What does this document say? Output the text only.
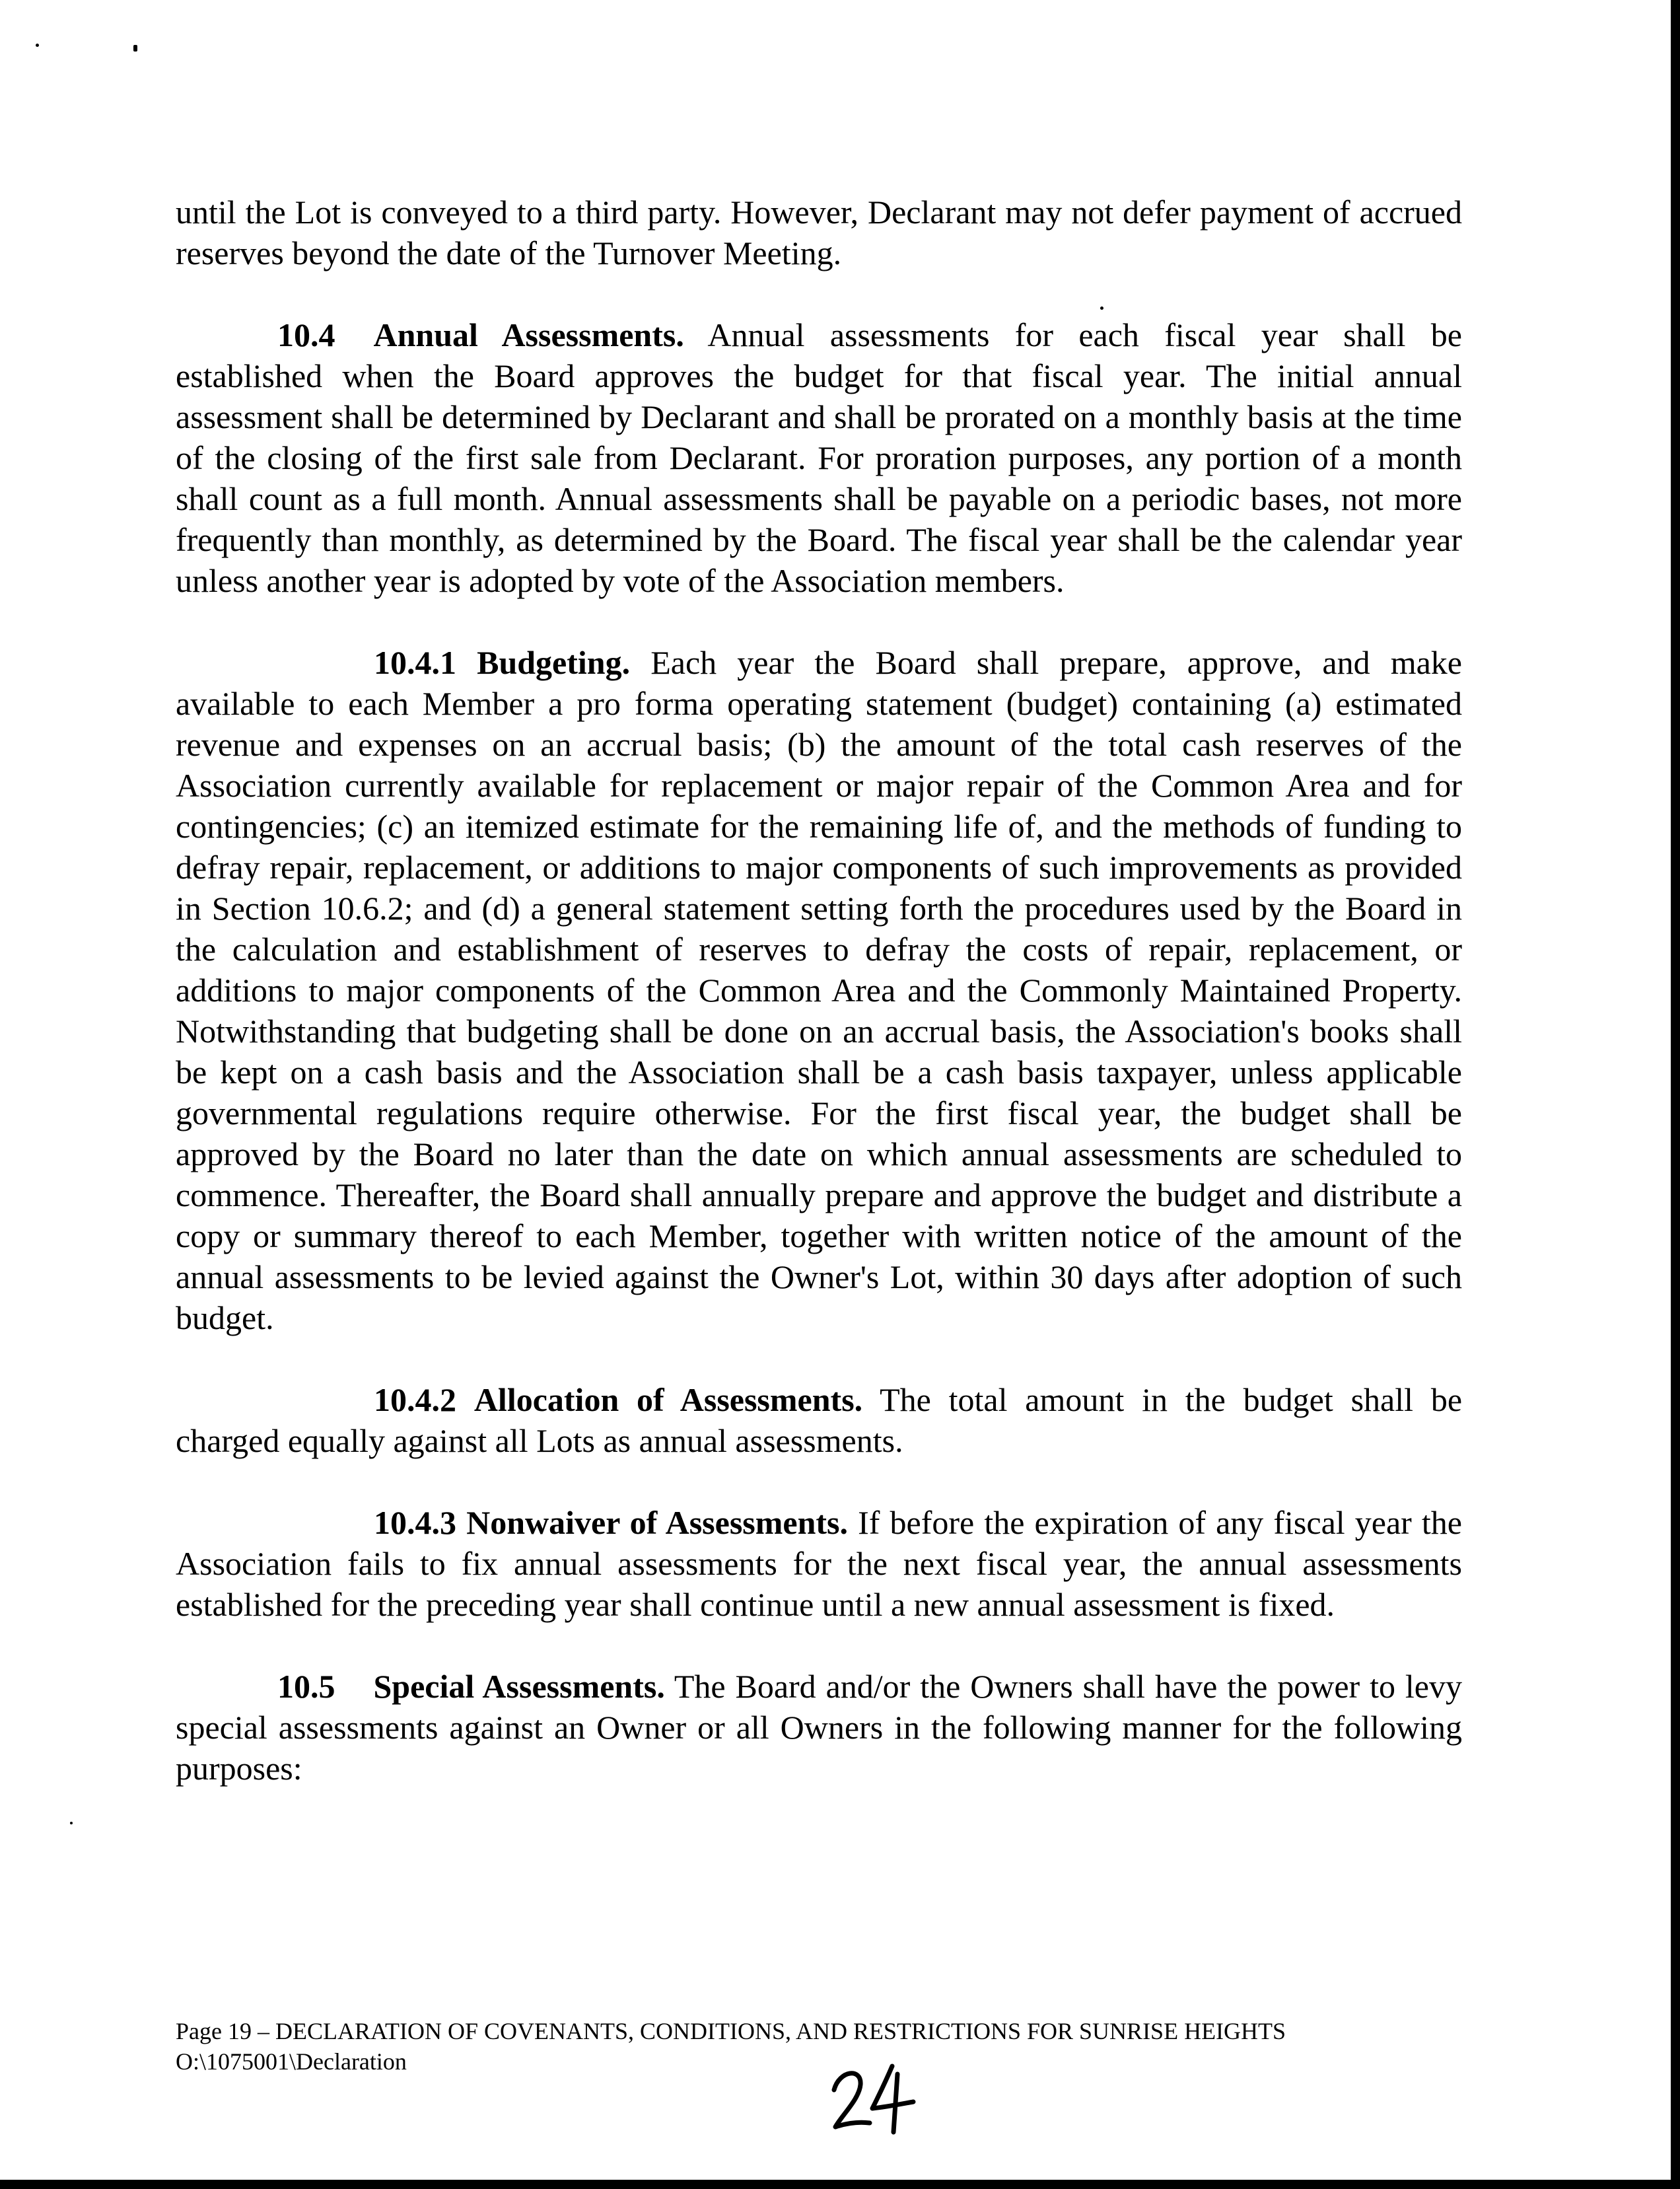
until the Lot is conveyed to a third party. However, Declarant may not defer payment of accrued reserves beyond the date of the Turnover Meeting.

10.4 Annual Assessments. Annual assessments for each fiscal year shall be established when the Board approves the budget for that fiscal year. The initial annual assessment shall be determined by Declarant and shall be prorated on a monthly basis at the time of the closing of the first sale from Declarant. For proration purposes, any portion of a month shall count as a full month. Annual assessments shall be payable on a periodic bases, not more frequently than monthly, as determined by the Board. The fiscal year shall be the calendar year unless another year is adopted by vote of the Association members.

10.4.1 Budgeting. Each year the Board shall prepare, approve, and make available to each Member a pro forma operating statement (budget) containing (a) estimated revenue and expenses on an accrual basis; (b) the amount of the total cash reserves of the Association currently available for replacement or major repair of the Common Area and for contingencies; (c) an itemized estimate for the remaining life of, and the methods of funding to defray repair, replacement, or additions to major components of such improvements as provided in Section 10.6.2; and (d) a general statement setting forth the procedures used by the Board in the calculation and establishment of reserves to defray the costs of repair, replacement, or additions to major components of the Common Area and the Commonly Maintained Property. Notwithstanding that budgeting shall be done on an accrual basis, the Association's books shall be kept on a cash basis and the Association shall be a cash basis taxpayer, unless applicable governmental regulations require otherwise. For the first fiscal year, the budget shall be approved by the Board no later than the date on which annual assessments are scheduled to commence. Thereafter, the Board shall annually prepare and approve the budget and distribute a copy or summary thereof to each Member, together with written notice of the amount of the annual assessments to be levied against the Owner's Lot, within 30 days after adoption of such budget.

10.4.2 Allocation of Assessments. The total amount in the budget shall be charged equally against all Lots as annual assessments.

10.4.3 Nonwaiver of Assessments. If before the expiration of any fiscal year the Association fails to fix annual assessments for the next fiscal year, the annual assessments established for the preceding year shall continue until a new annual assessment is fixed.

10.5 Special Assessments. The Board and/or the Owners shall have the power to levy special assessments against an Owner or all Owners in the following manner for the following purposes:

Page 19 – DECLARATION OF COVENANTS, CONDITIONS, AND RESTRICTIONS FOR SUNRISE HEIGHTS
O:\1075001\Declaration
